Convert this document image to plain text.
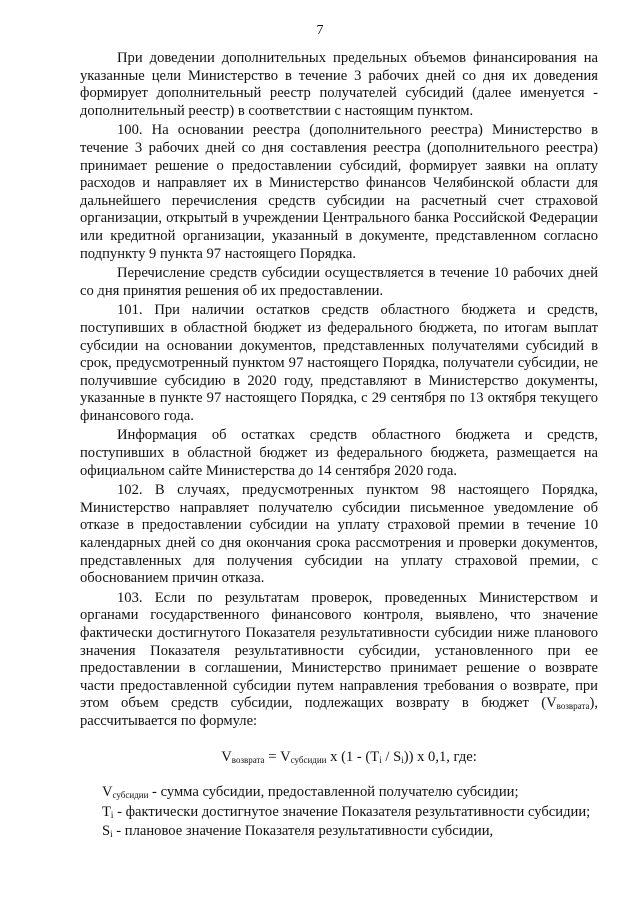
7

При доведении дополнительных предельных объемов финансирования на указанные цели Министерство в течение 3 рабочих дней со дня их доведения формирует дополнительный реестр получателей субсидий (далее именуется - дополнительный реестр) в соответствии с настоящим пунктом.

100. На основании реестра (дополнительного реестра) Министерство в течение 3 рабочих дней со дня составления реестра (дополнительного реестра) принимает решение о предоставлении субсидий, формирует заявки на оплату расходов и направляет их в Министерство финансов Челябинской области для дальнейшего перечисления средств субсидии на расчетный счет страховой организации, открытый в учреждении Центрального банка Российской Федерации или кредитной организации, указанный в документе, представленном согласно подпункту 9 пункта 97 настоящего Порядка.

Перечисление средств субсидии осуществляется в течение 10 рабочих дней со дня принятия решения об их предоставлении.

101. При наличии остатков средств областного бюджета и средств, поступивших в областной бюджет из федерального бюджета, по итогам выплат субсидии на основании документов, представленных получателями субсидий в срок, предусмотренный пунктом 97 настоящего Порядка, получатели субсидии, не получившие субсидию в 2020 году, представляют в Министерство документы, указанные в пункте 97 настоящего Порядка, с 29 сентября по 13 октября текущего финансового года.

Информация об остатках средств областного бюджета и средств, поступивших в областной бюджет из федерального бюджета, размещается на официальном сайте Министерства до 14 сентября 2020 года.

102. В случаях, предусмотренных пунктом 98 настоящего Порядка, Министерство направляет получателю субсидии письменное уведомление об отказе в предоставлении субсидии на уплату страховой премии в течение 10 календарных дней со дня окончания срока рассмотрения и проверки документов, представленных для получения субсидии на уплату страховой премии, с обоснованием причин отказа.

103. Если по результатам проверок, проведенных Министерством и органами государственного финансового контроля, выявлено, что значение фактически достигнутого Показателя результативности субсидии ниже планового значения Показателя результативности субсидии, установленного при ее предоставлении в соглашении, Министерство принимает решение о возврате части предоставленной субсидии путем направления требования о возврате, при этом объем средств субсидии, подлежащих возврату в бюджет $(V_{возврата})$, рассчитывается по формуле:

$V_{возврата} = V_{субсидии}$ x $(1 - (T_i / S_i))$ x 0,1, где:

$V_{субсидии}$ - сумма субсидии, предоставленной получателю субсидии;

$T_i$ - фактически достигнутое значение Показателя результативности субсидии;

$S_i$ - плановое значение Показателя результативности субсидии,
